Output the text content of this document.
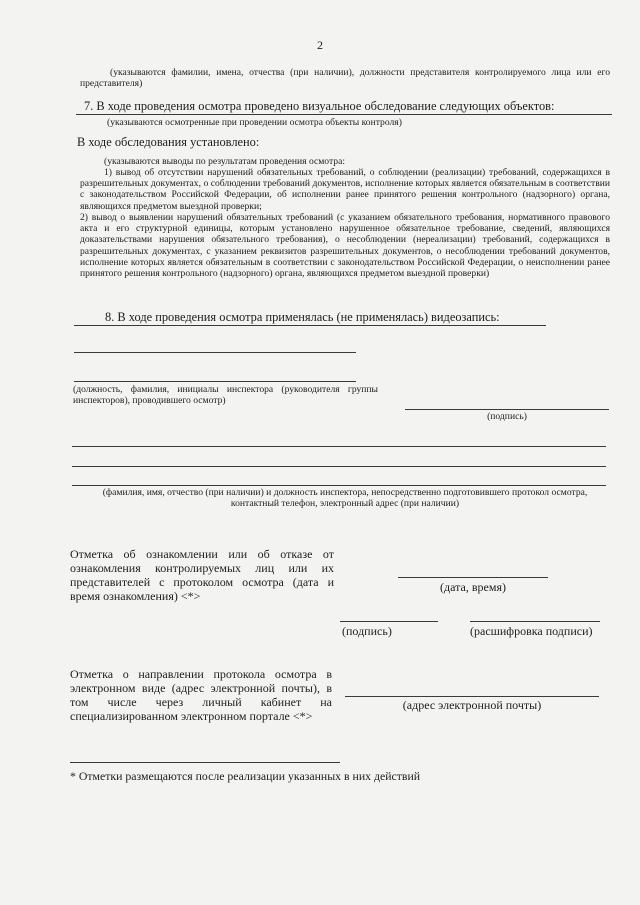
2
(указываются фамилии, имена, отчества (при наличии), должности представителя контролируемого лица или его представителя)
7. В ходе проведения осмотра проведено визуальное обследование следующих объектов:
(указываются осмотренные при проведении осмотра объекты контроля)
В ходе обследования установлено:
(указываются выводы по результатам проведения осмотра:
1) вывод об отсутствии нарушений обязательных требований, о соблюдении (реализации) требований, содержащихся в разрешительных документах, о соблюдении требований документов, исполнение которых является обязательным в соответствии с законодательством Российской Федерации, об исполнении ранее принятого решения контрольного (надзорного) органа, являющихся предметом выездной проверки;
2) вывод о выявлении нарушений обязательных требований (с указанием обязательного требования, нормативного правового акта и его структурной единицы, которым установлено нарушенное обязательное требование, сведений, являющихся доказательствами нарушения обязательного требования), о несоблюдении (нереализации) требований, содержащихся в разрешительных документах, с указанием реквизитов разрешительных документов, о несоблюдении требований документов, исполнение которых является обязательным в соответствии с законодательством Российской Федерации, о неисполнении ранее принятого решения контрольного (надзорного) органа, являющихся предметом выездной проверки)
8. В ходе проведения осмотра применялась (не применялась) видеозапись:
(должность, фамилия, инициалы инспектора (руководителя группы инспекторов), проводившего осмотр)
(подпись)
(фамилия, имя, отчество (при наличии) и должность инспектора, непосредственно подготовившего протокол осмотра, контактный телефон, электронный адрес (при наличии)
Отметка об ознакомлении или об отказе от ознакомления контролируемых лиц или их представителей с протоколом осмотра (дата и время ознакомления) <*>
(дата, время)
(подпись)	(расшифровка подписи)
Отметка о направлении протокола осмотра в электронном виде (адрес электронной почты), в том числе через личный кабинет на специализированном электронном портале <*>
(адрес электронной почты)
* Отметки размещаются после реализации указанных в них действий
